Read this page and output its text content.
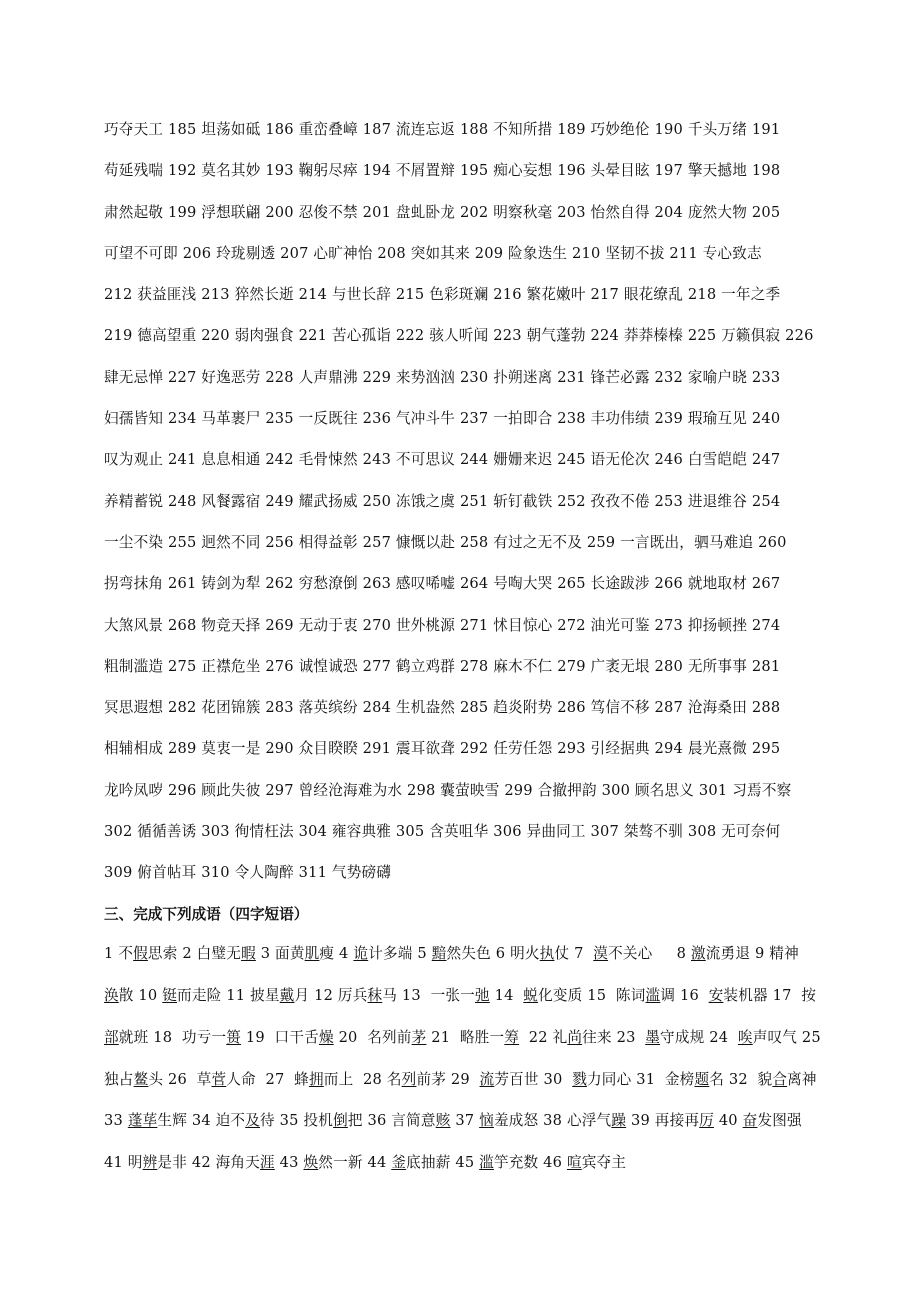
巧夺天工 185 坦荡如砥 186 重峦叠嶂 187 流连忘返 188 不知所措 189 巧妙绝伦 190 千头万绪 191
苟延残喘 192 莫名其妙 193 鞠躬尽瘁 194 不屑置辩 195 痴心妄想 196 头晕目眩 197 擎天撼地 198
肃然起敬 199 浮想联翩 200 忍俊不禁 201 盘虬卧龙 202 明察秋毫 203 怡然自得 204 庞然大物 205
可望不可即 206 玲珑剔透 207 心旷神怡 208 突如其来 209 险象迭生 210 坚韧不拔 211 专心致志
212 获益匪浅 213 猝然长逝 214 与世长辞 215 色彩斑斓 216 繁花嫩叶 217 眼花缭乱 218 一年之季
219 德高望重 220 弱肉强食 221 苦心孤诣 222 骇人听闻 223 朝气蓬勃 224 莽莽榛榛 225 万籁俱寂 226
肆无忌惮 227 好逸恶劳 228 人声鼎沸 229 来势汹汹 230 扑朔迷离 231 锋芒必露 232 家喻户晓 233
妇孺皆知 234 马革裹尸 235 一反既往 236 气冲斗牛 237 一拍即合 238 丰功伟绩 239 瑕瑜互见 240
叹为观止 241 息息相通 242 毛骨悚然 243 不可思议 244 姗姗来迟 245 语无伦次 246 白雪皑皑 247
养精蓄锐 248 风餐露宿 249 耀武扬威 250 冻饿之虞 251 斩钉截铁 252 孜孜不倦 253 进退维谷 254
一尘不染 255 迥然不同 256 相得益彰 257 慷慨以赴 258 有过之无不及 259 一言既出，驷马难追 260
拐弯抹角 261 铸剑为犁 262 穷愁潦倒 263 感叹唏嘘 264 号啕大哭 265 长途跋涉 266 就地取材 267
大煞风景 268 物竞天择 269 无动于衷 270 世外桃源 271 怵目惊心 272 油光可鉴 273 抑扬顿挫 274
粗制滥造 275 正襟危坐 276 诚惶诚恐 277 鹤立鸡群 278 麻木不仁 279 广袤无垠 280 无所事事 281
冥思遐想 282 花团锦簇 283 落英缤纷 284 生机盎然 285 趋炎附势 286 笃信不移 287 沧海桑田 288
相辅相成 289 莫衷一是 290 众目睽睽 291 震耳欲聋 292 任劳任怨 293 引经据典 294 晨光熹微 295
龙吟凤哕 296 顾此失彼 297 曾经沧海难为水 298 囊萤映雪 299 合撤押韵 300 顾名思义 301 习焉不察
302 循循善诱 303 徇情枉法 304 雍容典雅 305 含英咀华 306 异曲同工 307 桀骜不驯 308 无可奈何
309 俯首帖耳 310 令人陶醉 311 气势磅礴
三、完成下列成语（四字短语）
1 不假思索 2 白璧无暇 3 面黄肌瘦 4 诡计多端 5 黯然失色 6 明火执仗 7  漠不关心     8 激流勇退 9 精神
涣散 10 铤而走险 11 披星戴月 12 厉兵秣马 13  一张一弛 14  蜕化变质 15  陈词滥调 16  安装机器 17  按
部就班 18  功亏一篑 19  口干舌燥 20  名列前茅 21  略胜一筹  22 礼尚往来 23  墨守成规 24  唉声叹气 25
独占鳌头 26  草菅人命  27  蜂拥而上  28 名列前茅 29  流芳百世 30  戮力同心 31  金榜题名 32  貌合离神
33 蓬荜生辉 34 迫不及待 35 投机倒把 36 言简意赅 37 恼羞成怒 38 心浮气躁 39 再接再厉 40 奋发图强
41 明辨是非 42 海角天涯 43 焕然一新 44 釜底抽薪 45 滥竽充数 46 喧宾夺主
